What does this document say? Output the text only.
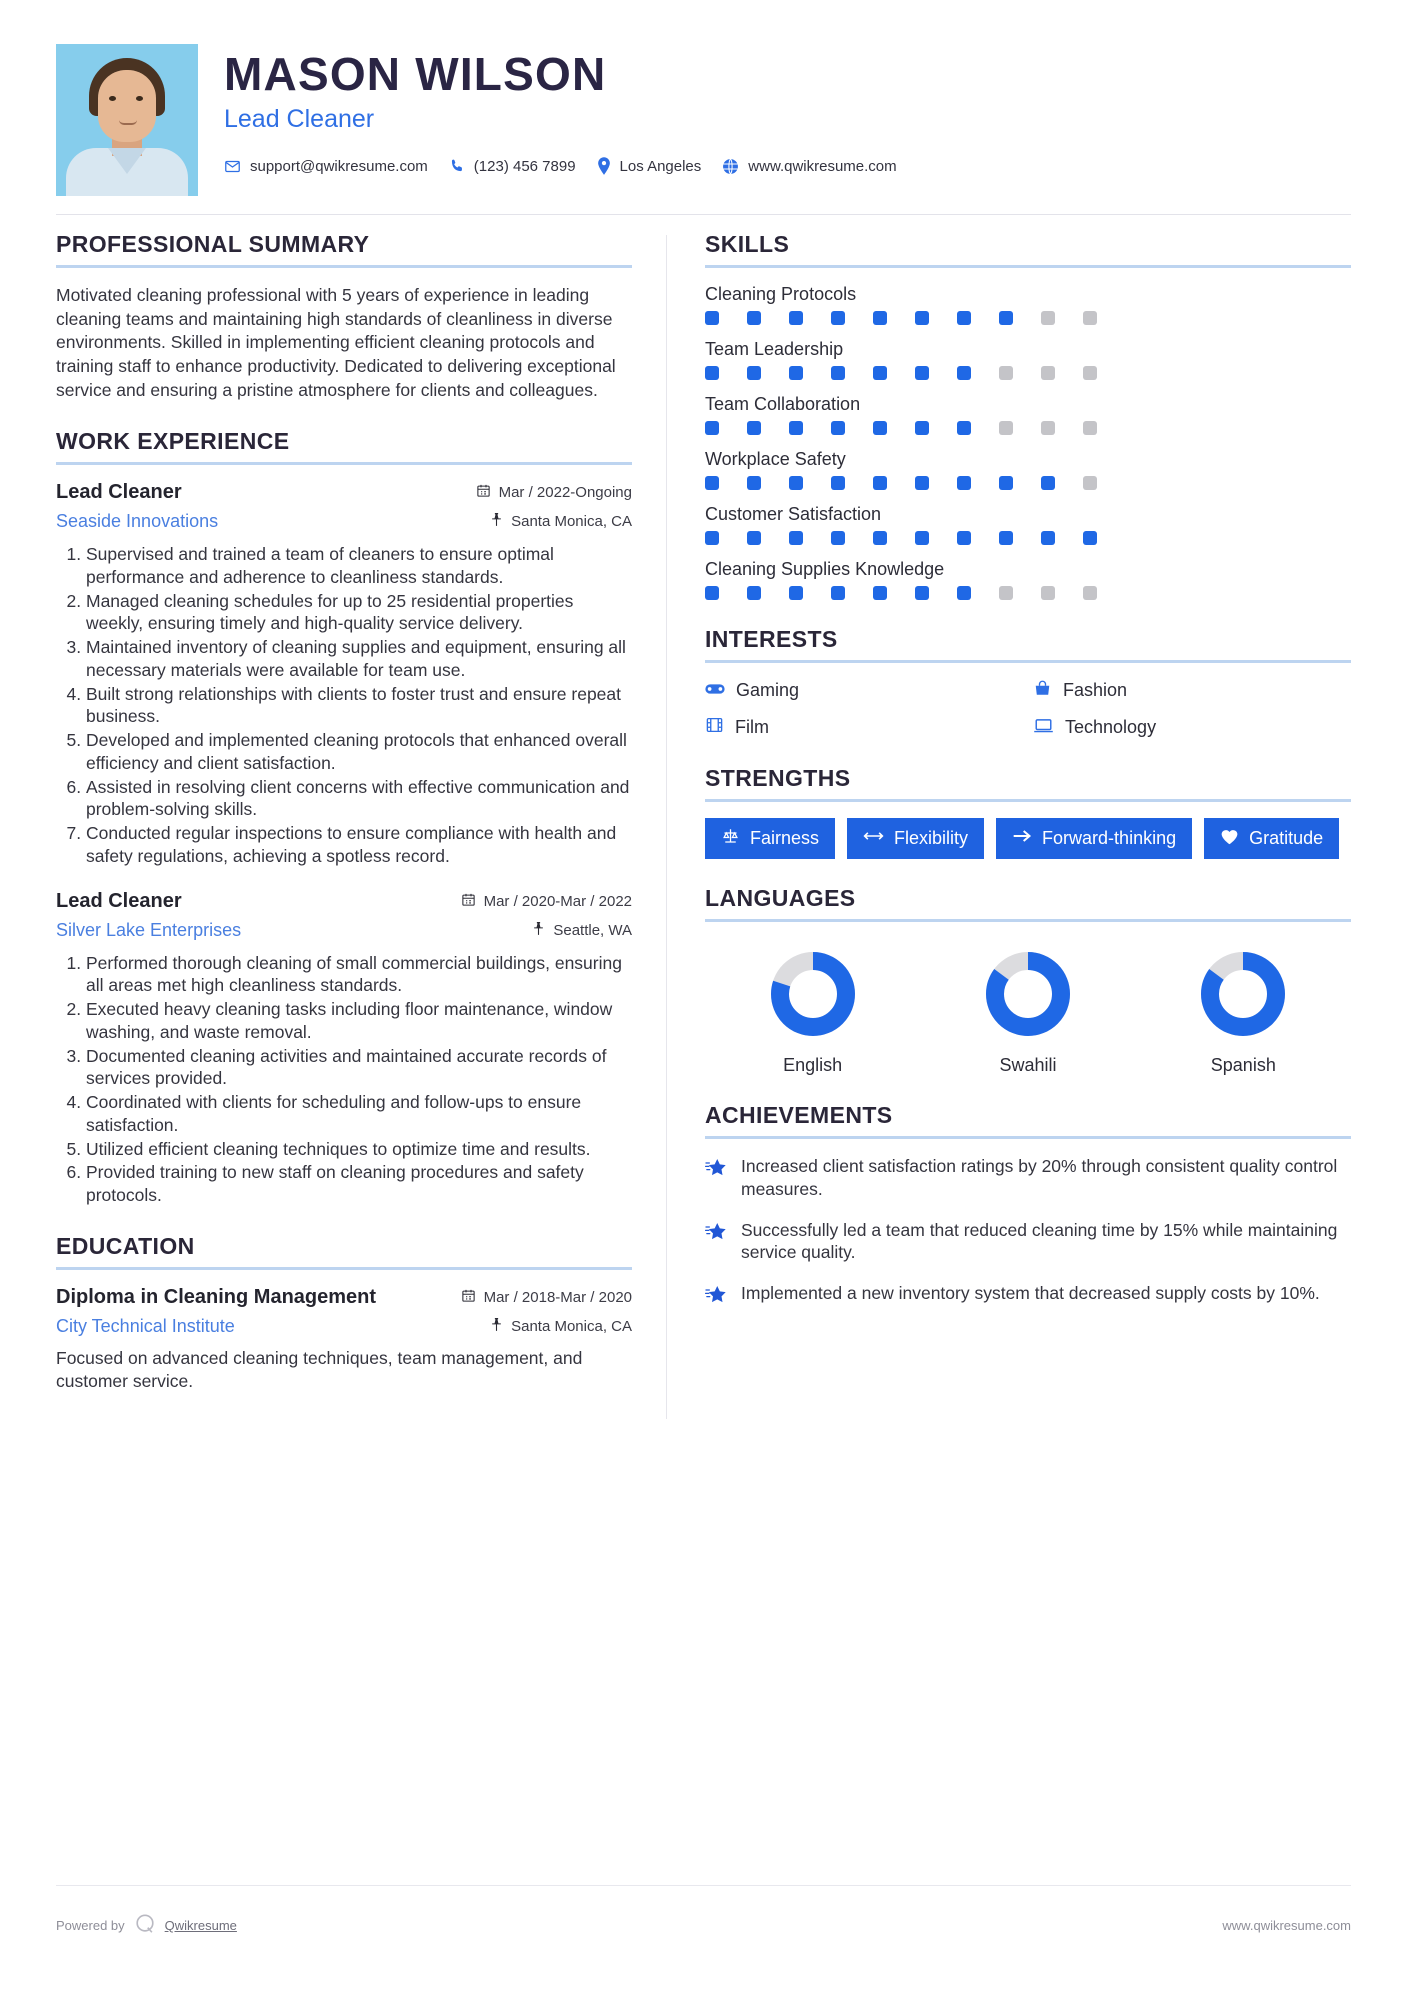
MASON WILSON
Lead Cleaner
support@qwikresume.com	(123) 456 7899	Los Angeles	www.qwikresume.com
PROFESSIONAL SUMMARY
Motivated cleaning professional with 5 years of experience in leading cleaning teams and maintaining high standards of cleanliness in diverse environments. Skilled in implementing efficient cleaning protocols and training staff to enhance productivity. Dedicated to delivering exceptional service and ensuring a pristine atmosphere for clients and colleagues.
WORK EXPERIENCE
Lead Cleaner	Mar / 2022-Ongoing
Seaside Innovations	Santa Monica, CA
1. Supervised and trained a team of cleaners to ensure optimal performance and adherence to cleanliness standards.
2. Managed cleaning schedules for up to 25 residential properties weekly, ensuring timely and high-quality service delivery.
3. Maintained inventory of cleaning supplies and equipment, ensuring all necessary materials were available for team use.
4. Built strong relationships with clients to foster trust and ensure repeat business.
5. Developed and implemented cleaning protocols that enhanced overall efficiency and client satisfaction.
6. Assisted in resolving client concerns with effective communication and problem-solving skills.
7. Conducted regular inspections to ensure compliance with health and safety regulations, achieving a spotless record.
Lead Cleaner	Mar / 2020-Mar / 2022
Silver Lake Enterprises	Seattle, WA
1. Performed thorough cleaning of small commercial buildings, ensuring all areas met high cleanliness standards.
2. Executed heavy cleaning tasks including floor maintenance, window washing, and waste removal.
3. Documented cleaning activities and maintained accurate records of services provided.
4. Coordinated with clients for scheduling and follow-ups to ensure satisfaction.
5. Utilized efficient cleaning techniques to optimize time and results.
6. Provided training to new staff on cleaning procedures and safety protocols.
EDUCATION
Diploma in Cleaning Management	Mar / 2018-Mar / 2020
City Technical Institute	Santa Monica, CA
Focused on advanced cleaning techniques, team management, and customer service.
SKILLS
Cleaning Protocols
Team Leadership
Team Collaboration
Workplace Safety
Customer Satisfaction
Cleaning Supplies Knowledge
INTERESTS
Gaming	Fashion
Film	Technology
STRENGTHS
Fairness	Flexibility	Forward-thinking	Gratitude
LANGUAGES
English	Swahili	Spanish
ACHIEVEMENTS
Increased client satisfaction ratings by 20% through consistent quality control measures.
Successfully led a team that reduced cleaning time by 15% while maintaining service quality.
Implemented a new inventory system that decreased supply costs by 10%.
Powered by	Qwikresume	www.qwikresume.com
